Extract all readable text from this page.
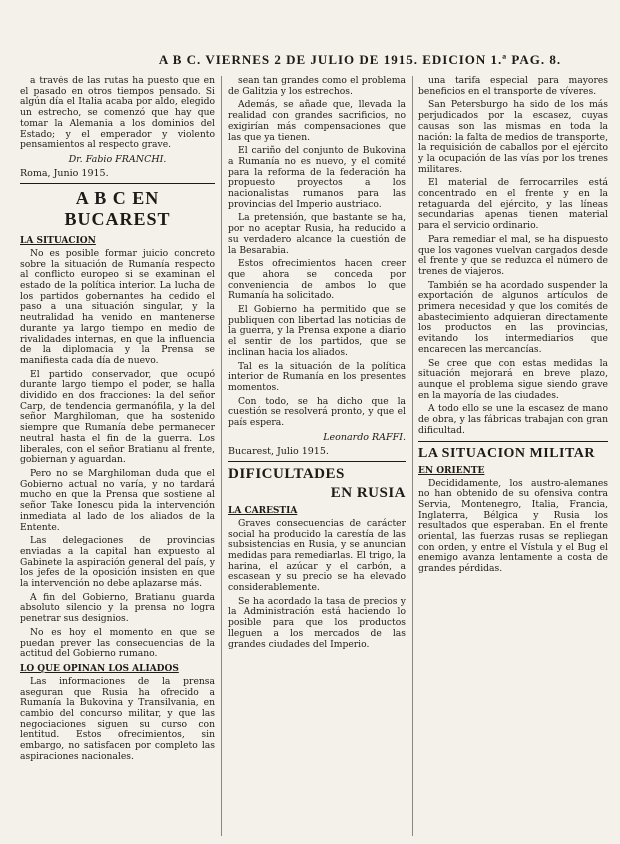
A B C. VIERNES 2 DE JULIO DE 1915. EDICION 1.ª PAG. 8.

a través de las rutas ha puesto que en el pasado en otros tiempos pensado. Si algún día el Italia acaba por aldo, elegido un estrecho, se comenzó que hay que tomar la Alemania a los dominios del Estado; y el emperador y violento pensamientos al respecto grave.

Dr. Fabio FRANCHI.
Roma, Junio 1915.
A B C EN BUCAREST
LA SITUACION

No es posible formar juicio concreto sobre la situación de Rumanía respecto al conflicto europeo si se examinan el estado de la política interior. La lucha de los partidos gobernantes ha cedido el paso a una situación singular, y la neutralidad ha venido en mantenerse durante ya largo tiempo en medio de rivalidades internas, en que la influencia de la diplomacia y la Prensa se manifiesta cada día de nuevo.

El partido conservador, que ocupó durante largo tiempo el poder, se halla dividido en dos fracciones: la del señor Carp, de tendencia germanófila, y la del señor Marghiloman, que ha sostenido siempre que Rumanía debe permanecer neutral hasta el fin de la guerra. Los liberales, con el señor Bratianu al frente, gobiernan y aguardan.

Pero no se Marghiloman duda que el Gobierno actual no varía, y no tardará mucho en que la Prensa que sostiene al señor Take Ionescu pida la intervención inmediata al lado de los aliados de la Entente.

Las delegaciones de provincias enviadas a la capital han expuesto al Gabinete la aspiración general del país, y los jefes de la oposición insisten en que la intervención no debe aplazarse más.

A fin del Gobierno, Bratianu guarda absoluto silencio y la prensa no logra penetrar sus designios.

No es hoy el momento en que se puedan prever las consecuencias de la actitud del Gobierno rumano.

LO QUE OPINAN LOS ALIADOS

Las informaciones de la prensa aseguran que Rusia ha ofrecido a Rumanía la Bukovina y Transilvania, en cambio del concurso militar, y que las negociaciones siguen su curso con lentitud. Estos ofrecimientos, sin embargo, no satisfacen por completo las aspiraciones nacionales.

sean tan grandes como el problema de Galitzia y los estrechos.

Además, se añade que, llevada la realidad con grandes sacrificios, no exigirían más compensaciones que las que ya tienen.

El cariño del conjunto de Bukovina a Rumanía no es nuevo, y el comité para la reforma de la federación ha propuesto proyectos a los nacionalistas rumanos para las provincias del Imperio austriaco.

La pretensión, que bastante se ha, por no aceptar Rusia, ha reducido a su verdadero alcance la cuestión de la Besarabia.

Estos ofrecimientos hacen creer que ahora se conceda por conveniencia de ambos lo que Rumanía ha solicitado.

El Gobierno ha permitido que se publiquen con libertad las noticias de la guerra, y la Prensa expone a diario el sentir de los partidos, que se inclinan hacia los aliados.

Tal es la situación de la política interior de Rumanía en los presentes momentos.

Con todo, se ha dicho que la cuestión se resolverá pronto, y que el país espera.

Leonardo RAFFI.
Bucarest, Julio 1915.
DIFICULTADES
EN RUSIA
LA CARESTIA

Graves consecuencias de carácter social ha producido la carestía de las subsistencias en Rusia, y se anuncian medidas para remediarlas. El trigo, la harina, el azúcar y el carbón, a escasean y su precio se ha elevado considerablemente.

Se ha acordado la tasa de precios y la Administración está haciendo lo posible para que los productos lleguen a los mercados de las grandes ciudades del Imperio.

una tarifa especial para mayores beneficios en el transporte de víveres.

San Petersburgo ha sido de los más perjudicados por la escasez, cuyas causas son las mismas en toda la nación: la falta de medios de transporte, la requisición de caballos por el ejército y la ocupación de las vías por los trenes militares.

El material de ferrocarriles está concentrado en el frente y en la retaguarda del ejército, y las líneas secundarias apenas tienen material para el servicio ordinario.

Para remediar el mal, se ha dispuesto que los vagones vuelvan cargados desde el frente y que se reduzca el número de trenes de viajeros.

También se ha acordado suspender la exportación de algunos artículos de primera necesidad y que los comités de abastecimiento adquieran directamente los productos en las provincias, evitando los intermediarios que encarecen las mercancías.

Se cree que con estas medidas la situación mejorará en breve plazo, aunque el problema sigue siendo grave en la mayoría de las ciudades.

A todo ello se une la escasez de mano de obra, y las fábricas trabajan con gran dificultad.

LA SITUACION MILITAR
EN ORIENTE

Decididamente, los austro-alemanes no han obtenido de su ofensiva contra Servia, Montenegro, Italia, Francia, Inglaterra, Bélgica y Rusia los resultados que esperaban. En el frente oriental, las fuerzas rusas se repliegan con orden, y entre el Vístula y el Bug el enemigo avanza lentamente a costa de grandes pérdidas.
